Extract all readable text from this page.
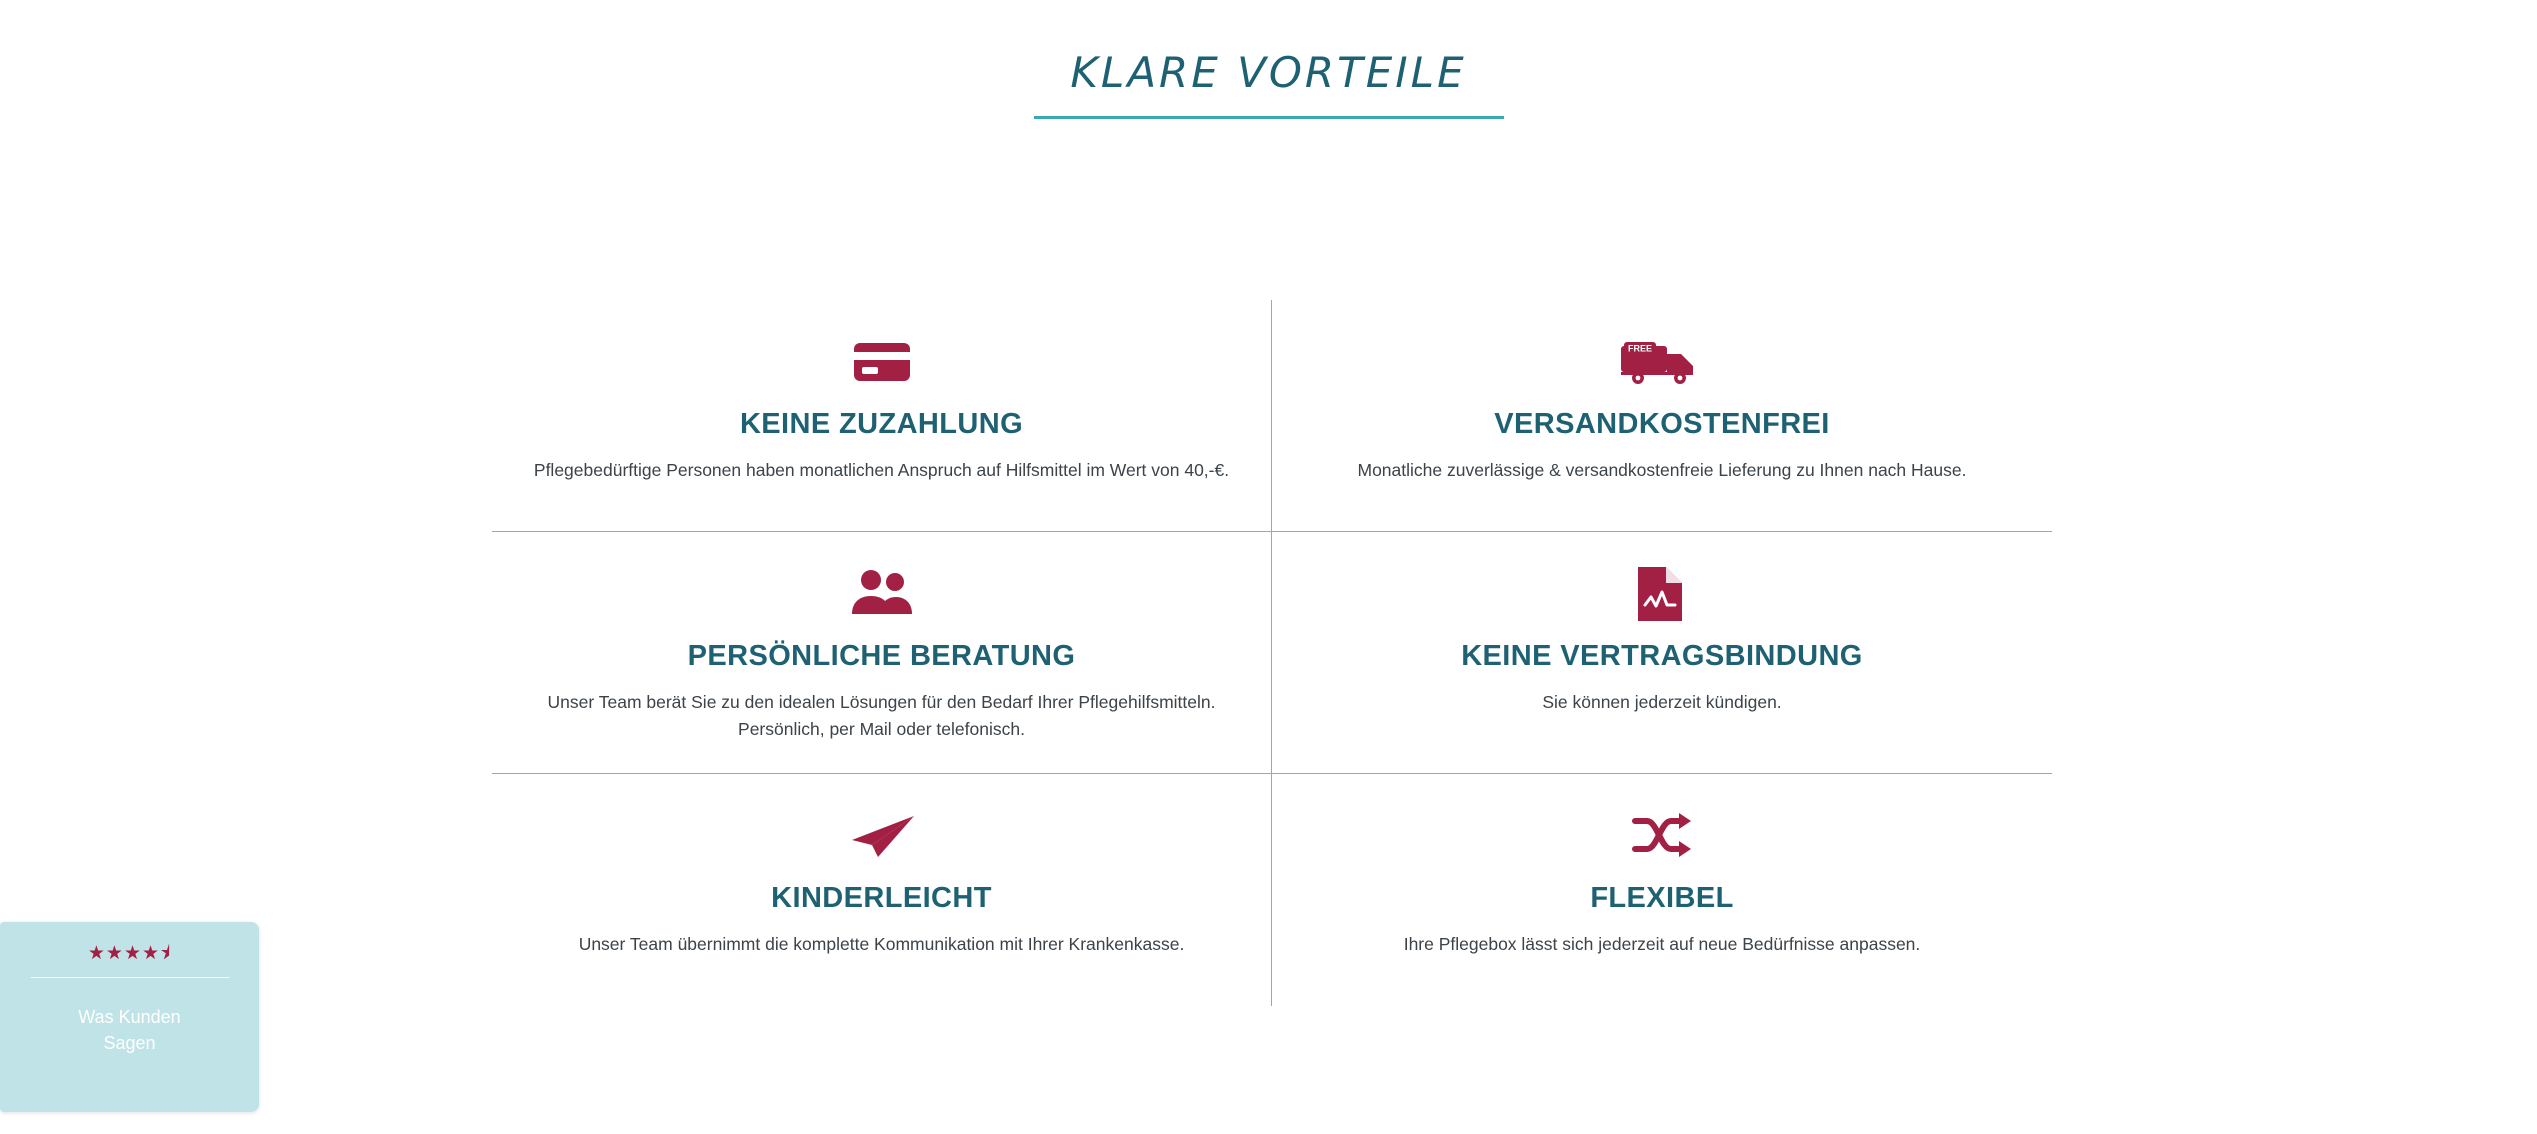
KLARE VORTEILE
KEINE ZUZAHLUNG
Pflegebedürftige Personen haben monatlichen Anspruch auf Hilfsmittel im Wert von 40,-€.
FREE
VERSANDKOSTENFREI
Monatliche zuverlässige & versandkostenfreie Lieferung zu Ihnen nach Hause.
PERSÖNLICHE BERATUNG
Unser Team berät Sie zu den idealen Lösungen für den Bedarf Ihrer Pflegehilfsmitteln. Persönlich, per Mail oder telefonisch.
KEINE VERTRAGSBINDUNG
Sie können jederzeit kündigen.
KINDERLEICHT
Unser Team übernimmt die komplette Kommunikation mit Ihrer Krankenkasse.
FLEXIBEL
Ihre Pflegebox lässt sich jederzeit auf neue Bedürfnisse anpassen.
★★★★⯨
Was Kunden
Sagen
